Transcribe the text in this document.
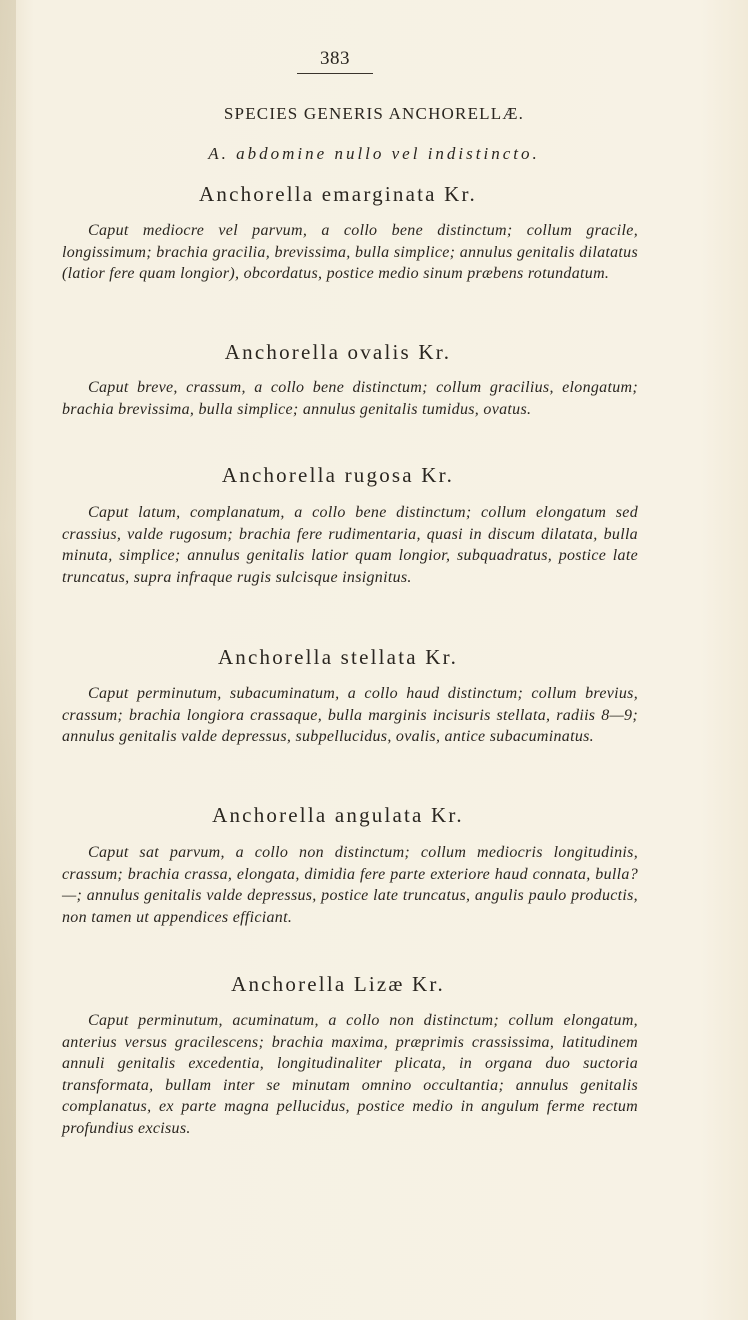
383
SPECIES GENERIS ANCHORELLÆ.
A. abdomine nullo vel indistincto.
Anchorella emarginata Kr.
Caput mediocre vel parvum, a collo bene distinctum; collum gracile, longissimum; brachia gracilia, brevissima, bulla simplice; annulus genitalis dilatatus (latior fere quam longior), obcordatus, postice medio sinum præbens rotundatum.
Anchorella ovalis Kr.
Caput breve, crassum, a collo bene distinctum; collum gracilius, elongatum; brachia brevissima, bulla simplice; annulus genitalis tumidus, ovatus.
Anchorella rugosa Kr.
Caput latum, complanatum, a collo bene distinctum; collum elongatum sed crassius, valde rugosum; brachia fere rudimentaria, quasi in discum dilatata, bulla minuta, simplice; annulus genitalis latior quam longior, subquadratus, postice late truncatus, supra infraque rugis sulcisque insignitus.
Anchorella stellata Kr.
Caput perminutum, subacuminatum, a collo haud distinctum; collum brevius, crassum; brachia longiora crassaque, bulla marginis incisuris stellata, radiis 8—9; annulus genitalis valde depressus, subpellucidus, ovalis, antice subacuminatus.
Anchorella angulata Kr.
Caput sat parvum, a collo non distinctum; collum mediocris longitudinis, crassum; brachia crassa, elongata, dimidia fere parte exteriore haud connata, bulla? —; annulus genitalis valde depressus, postice late truncatus, angulis paulo productis, non tamen ut appendices efficiant.
Anchorella Lizæ Kr.
Caput perminutum, acuminatum, a collo non distinctum; collum elongatum, anterius versus gracilescens; brachia maxima, præprimis crassissima, latitudinem annuli genitalis excedentia, longitudinaliter plicata, in organa duo suctoria transformata, bullam inter se minutam omnino occultantia; annulus genitalis complanatus, ex parte magna pellucidus, postice medio in angulum ferme rectum profundius excisus.
